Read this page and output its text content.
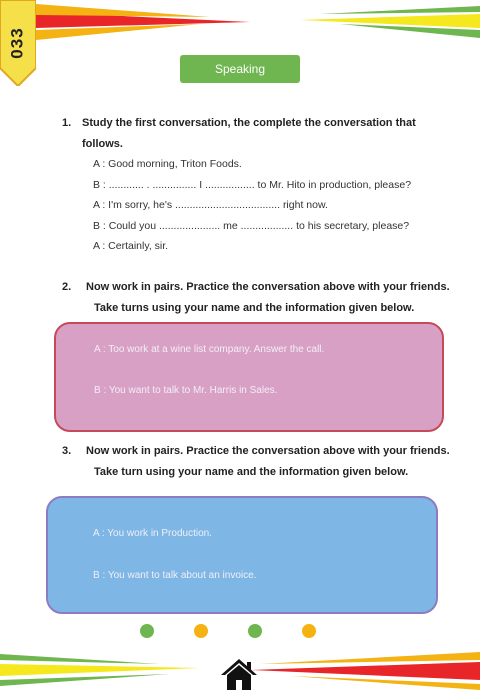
033
Speaking
1. Study the first conversation, the complete the conversation that
follows.
A : Good morning, Triton Foods.
B : ............ . ............... I ................. to Mr. Hito in production, please?
A : I'm sorry, he's .................................... right now.
B : Could you ..................... me .................. to his secretary, please?
A : Certainly, sir.
2. Now work in pairs. Practice the conversation above with your friends.
Take turns using your name and the information given below.
A : Too work at a wine list company. Answer the call.
B : You want to talk to Mr. Harris in Sales.
3. Now work in pairs. Practice the conversation above with your friends.
Take turn using your name and the information given below.
A : You work in Production.
B : You want to talk about an invoice.
